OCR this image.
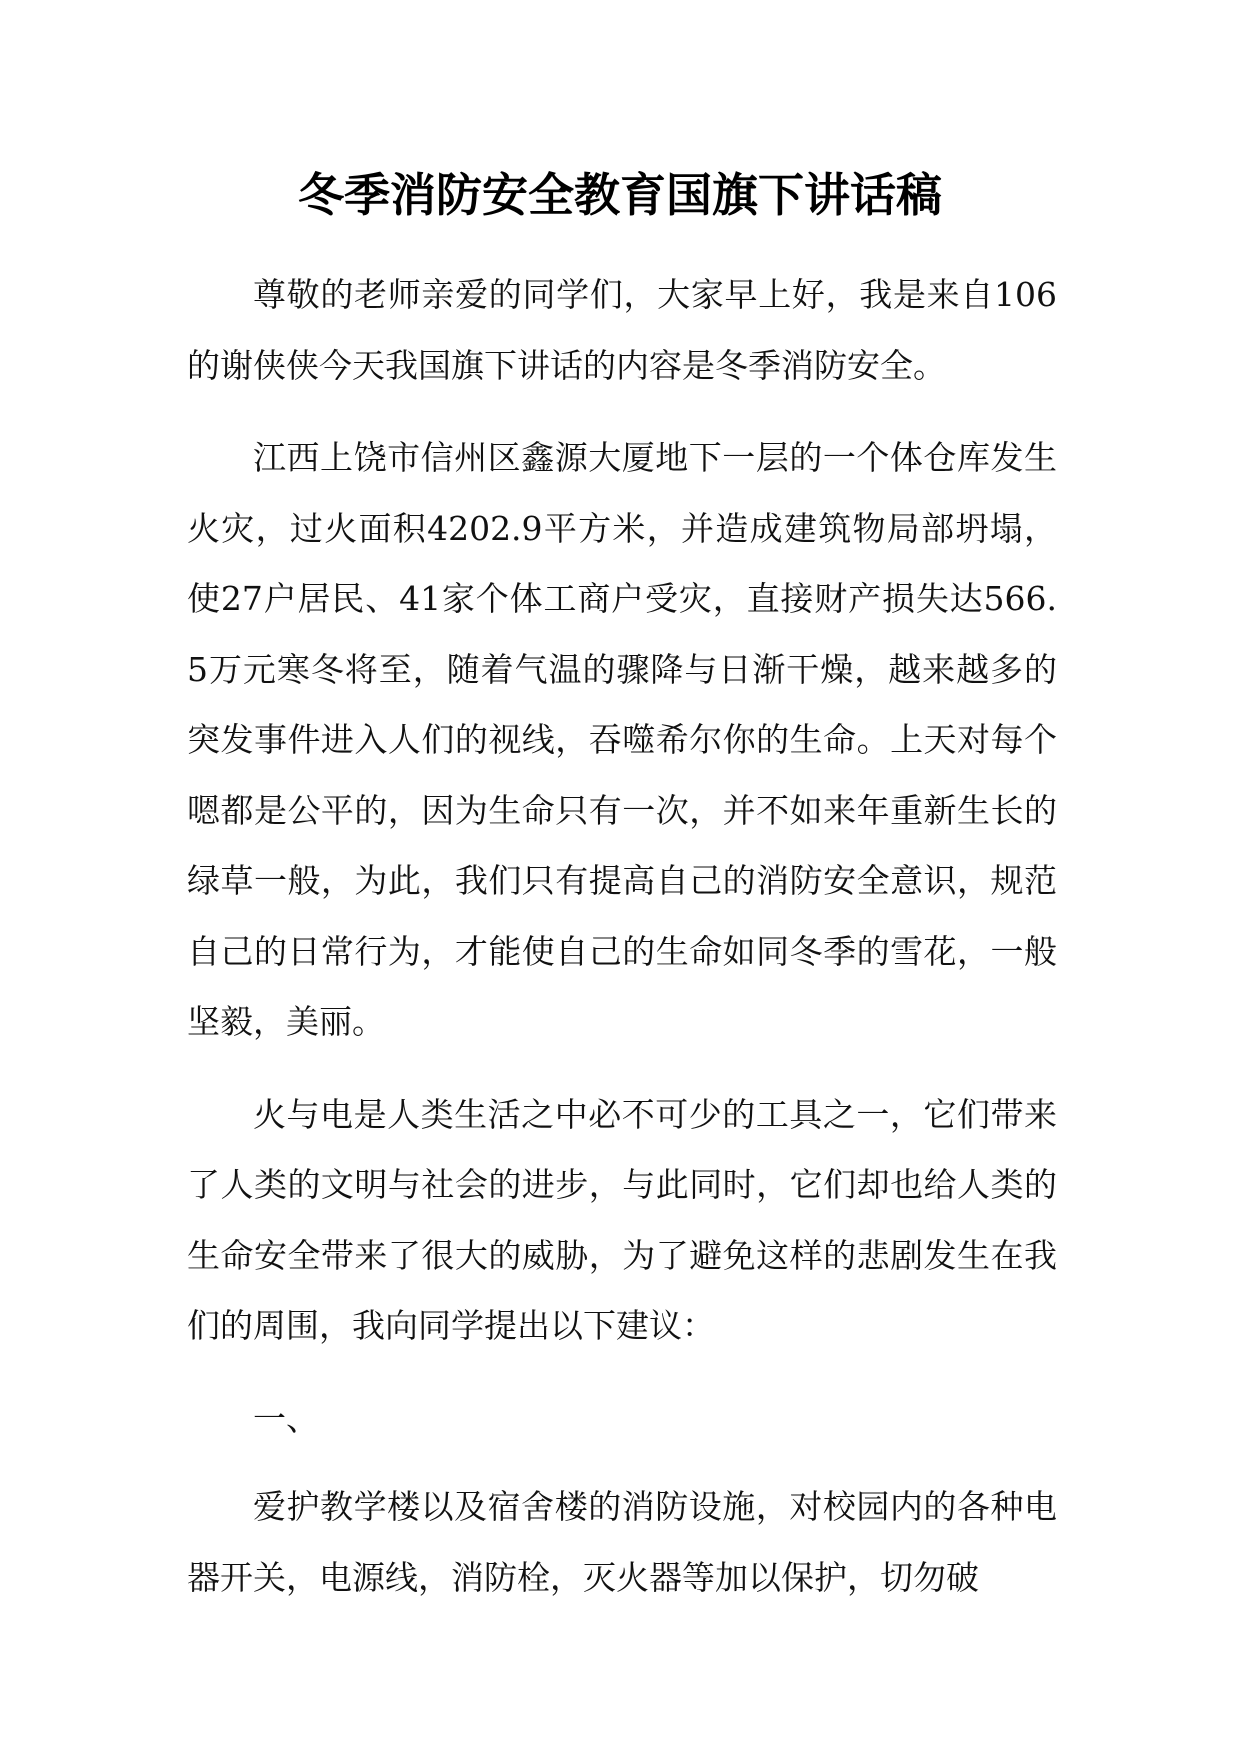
冬季消防安全教育国旗下讲话稿

尊敬的老师亲爱的同学们，大家早上好，我是来自106的谢侠侠今天我国旗下讲话的内容是冬季消防安全。

江西上饶市信州区鑫源大厦地下一层的一个体仓库发生火灾，过火面积4202.9平方米，并造成建筑物局部坍塌，使27户居民、41家个体工商户受灾，直接财产损失达566.5万元寒冬将至，随着气温的骤降与日渐干燥，越来越多的突发事件进入人们的视线，吞噬希尔你的生命。上天对每个嗯都是公平的，因为生命只有一次，并不如来年重新生长的绿草一般，为此，我们只有提高自己的消防安全意识，规范自己的日常行为，才能使自己的生命如同冬季的雪花，一般坚毅，美丽。

火与电是人类生活之中必不可少的工具之一，它们带来了人类的文明与社会的进步，与此同时，它们却也给人类的生命安全带来了很大的威胁，为了避免这样的悲剧发生在我们的周围，我向同学提出以下建议：

一、

爱护教学楼以及宿舍楼的消防设施，对校园内的各种电器开关，电源线，消防栓，灭火器等加以保护，切勿破
